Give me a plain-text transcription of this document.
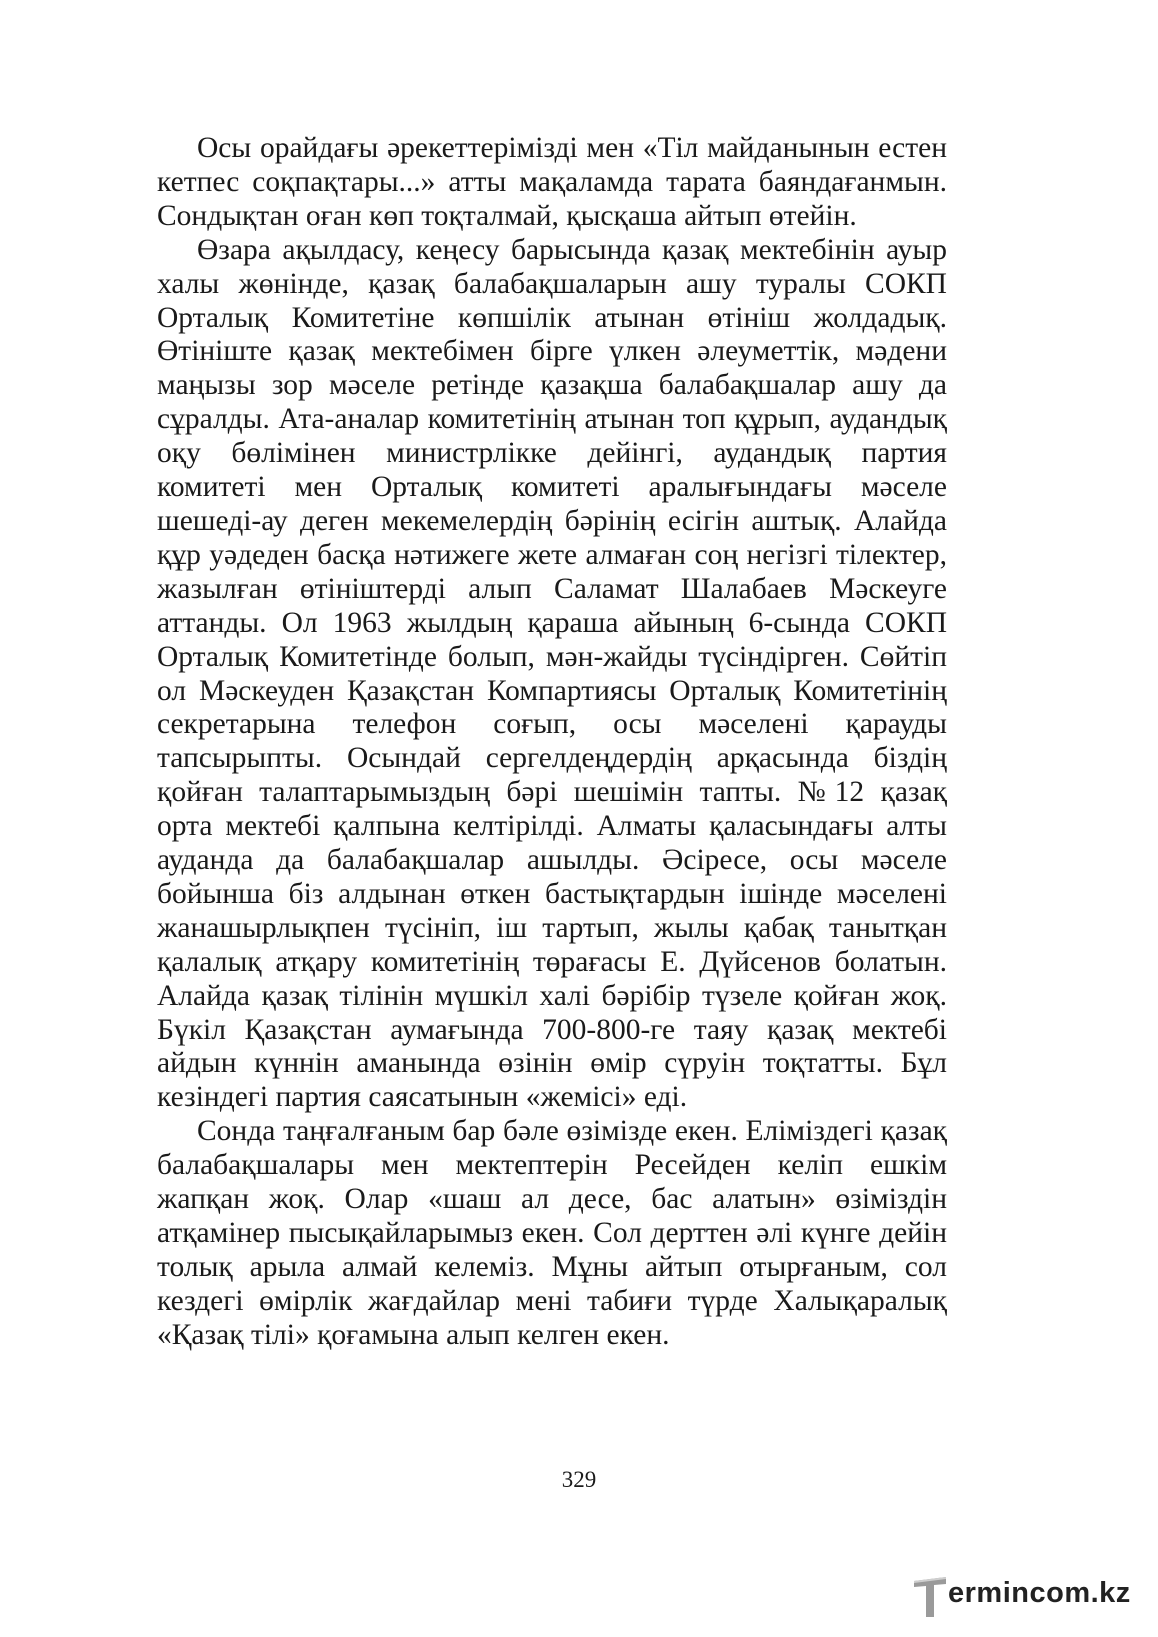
Осы орайдағы әрекеттерімізді мен «Тіл майданынын естен кетпес соқпақтары...» атты мақаламда тарата баяндағанмын. Сондықтан оған көп тоқталмай, қысқаша айтып өтейін.

Өзара ақылдасу, кеңесу барысында қазақ мектебінін ауыр халы жөнінде, қазақ балабақшаларын ашу туралы СОКП Орталық Комитетіне көпшілік атынан өтініш жолдадық. Өтініште қазақ мектебімен бірге үлкен әлеуметтік, мәдени маңызы зор мәселе ретінде қазақша балабақшалар ашу да сұралды. Ата-аналар комитетінің атынан топ құрып, аудандық оқу бөлімінен министрлікке дейінгі, аудандық партия комитеті мен Орталық комитеті аралығындағы мәселе шешеді-ау деген мекемелердің бәрінің есігін аштық. Алайда құр уәдеден басқа нәтижеге жете алмаған соң негізгі тілектер, жазылған өтініштерді алып Саламат Шалабаев Мәскеуге аттанды. Ол 1963 жылдың қараша айының 6-сында СОКП Орталық Комитетінде болып, мән-жайды түсіндірген. Сөйтіп ол Мәскеуден Қазақстан Компартиясы Орталық Комитетінің секретарына телефон соғып, осы мәселені қарауды тапсырыпты. Осындай сергелдеңдердің арқасында біздің қойған талаптарымыздың бәрі шешімін тапты. №12 қазақ орта мектебі қалпына келтірілді. Алматы қаласындағы алты ауданда да балабақшалар ашылды. Әсіресе, осы мәселе бойынша біз алдынан өткен бастықтардын ішінде мәселені жанашырлықпен түсініп, іш тартып, жылы қабақ танытқан қалалық атқару комитетінің төрағасы Е. Дүйсенов болатын. Алайда қазақ тілінін мүшкіл халі бәрібір түзеле қойған жоқ. Бүкіл Қазақстан аумағында 700-800-ге таяу қазақ мектебі айдын күннін аманында өзінін өмір сүруін тоқтатты. Бұл кезіндегі партия саясатынын «жемісі» еді.

Сонда таңғалғаным бар бәле өзімізде екен. Еліміздегі қазақ балабақшалары мен мектептерін Ресейден келіп ешкім жапқан жоқ. Олар «шаш ал десе, бас алатын» өзіміздін атқамінер пысықайларымыз екен. Сол дерттен әлі күнге дейін толық арыла алмай келеміз. Мұны айтып отырғаным, сол кездегі өмірлік жағдайлар мені табиғи түрде Халықаралық «Қазақ тілі» қоғамына алып келген екен.

329
ermincom.kz
